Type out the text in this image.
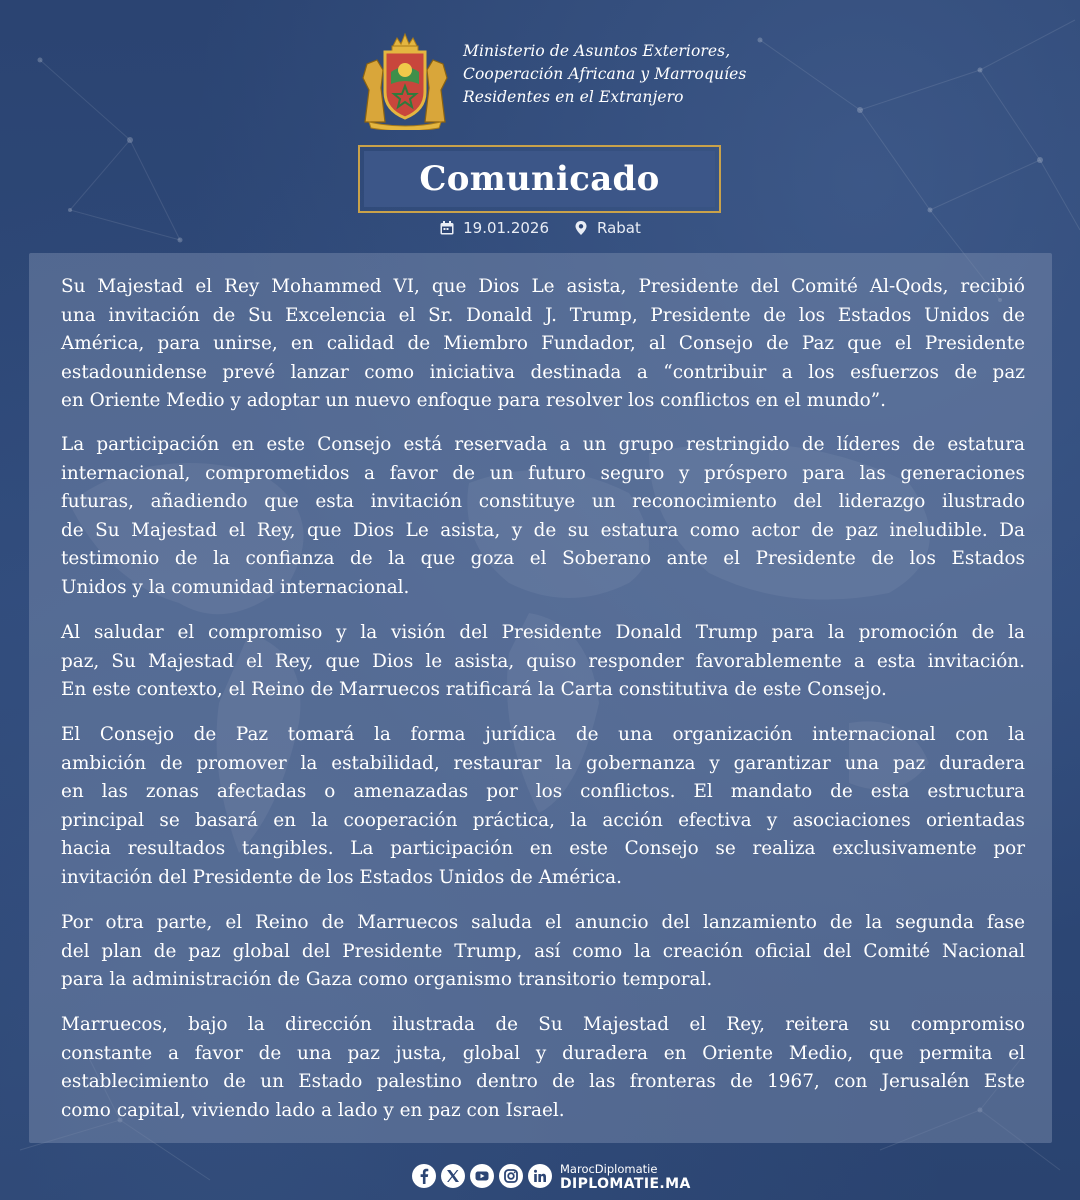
Ministerio de Asuntos Exteriores,
Cooperación Africana y Marroquíes
Residentes en el Extranjero
Comunicado
19.01.2026	Rabat

Su Majestad el Rey Mohammed VI, que Dios Le asista, Presidente del Comité Al-Qods, recibió
una invitación de Su Excelencia el Sr. Donald J. Trump, Presidente de los Estados Unidos de
América, para unirse, en calidad de Miembro Fundador, al Consejo de Paz que el Presidente
estadounidense prevé lanzar como iniciativa destinada a “contribuir a los esfuerzos de paz
en Oriente Medio y adoptar un nuevo enfoque para resolver los conflictos en el mundo”.

La participación en este Consejo está reservada a un grupo restringido de líderes de estatura
internacional, comprometidos a favor de un futuro seguro y próspero para las generaciones
futuras, añadiendo que esta invitación constituye un reconocimiento del liderazgo ilustrado
de Su Majestad el Rey, que Dios Le asista, y de su estatura como actor de paz ineludible. Da
testimonio de la confianza de la que goza el Soberano ante el Presidente de los Estados
Unidos y la comunidad internacional.

Al saludar el compromiso y la visión del Presidente Donald Trump para la promoción de la
paz, Su Majestad el Rey, que Dios le asista, quiso responder favorablemente a esta invitación.
En este contexto, el Reino de Marruecos ratificará la Carta constitutiva de este Consejo.

El Consejo de Paz tomará la forma jurídica de una organización internacional con la
ambición de promover la estabilidad, restaurar la gobernanza y garantizar una paz duradera
en las zonas afectadas o amenazadas por los conflictos. El mandato de esta estructura
principal se basará en la cooperación práctica, la acción efectiva y asociaciones orientadas
hacia resultados tangibles. La participación en este Consejo se realiza exclusivamente por
invitación del Presidente de los Estados Unidos de América.

Por otra parte, el Reino de Marruecos saluda el anuncio del lanzamiento de la segunda fase
del plan de paz global del Presidente Trump, así como la creación oficial del Comité Nacional
para la administración de Gaza como organismo transitorio temporal.

Marruecos, bajo la dirección ilustrada de Su Majestad el Rey, reitera su compromiso
constante a favor de una paz justa, global y duradera en Oriente Medio, que permita el
establecimiento de un Estado palestino dentro de las fronteras de 1967, con Jerusalén Este
como capital, viviendo lado a lado y en paz con Israel.

MarocDiplomatie
DIPLOMATIE.MA
